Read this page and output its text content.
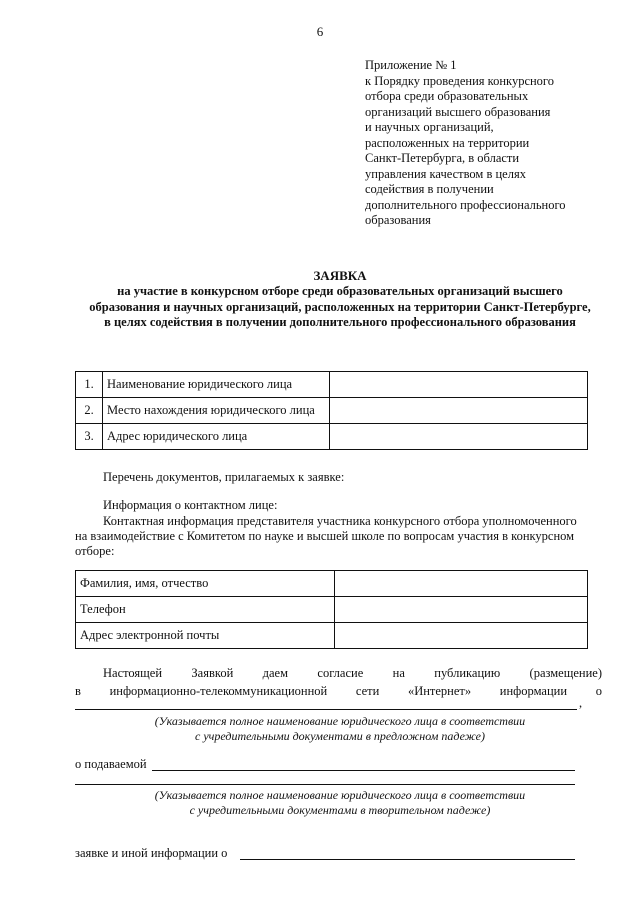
6
Приложение № 1
к Порядку проведения конкурсного
отбора среди образовательных
организаций высшего образования
и научных организаций,
расположенных на территории
Санкт-Петербурга, в области
управления качеством в целях
содействия в получении
дополнительного профессионального
образования
ЗАЯВКА
на участие в конкурсном отборе среди образовательных организаций высшего
образования и научных организаций, расположенных на территории Санкт-Петербурге,
в целях содействия в получении дополнительного профессионального образования
1.	Наименование юридического лица	
2.	Место нахождения юридического лица	
3.	Адрес юридического лица	
Перечень документов, прилагаемых к заявке:
Информация о контактном лице:
Контактная информация представителя участника конкурсного отбора уполномоченного
на взаимодействие с Комитетом по науке и высшей школе по вопросам участия в конкурсном
отборе:
Фамилия, имя, отчество	
Телефон	
Адрес электронной почты	
Настоящей Заявкой даем согласие на публикацию (размещение)
в информационно-телекоммуникационной сети «Интернет» информации о
,
(Указывается полное наименование юридического лица в соответствии
с учредительными документами в предложном падеже)
о подаваемой
(Указывается полное наименование юридического лица в соответствии
с учредительными документами в творительном падеже)
заявке и иной информации о
